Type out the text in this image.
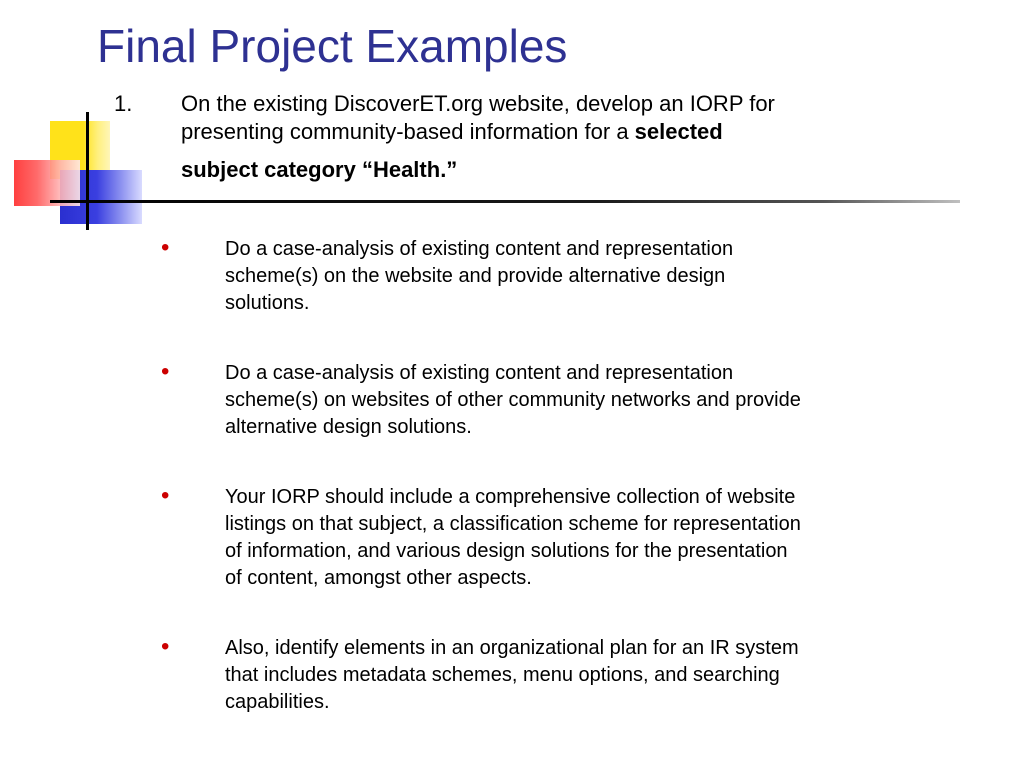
Final Project Examples
1. On the existing DiscoverET.org website, develop an IORP for
presenting community-based information for a selected
subject category “Health.”
•	Do a case-analysis of existing content and representation
scheme(s) on the website and provide alternative design
solutions.
•	Do a case-analysis of existing content and representation
scheme(s) on websites of other community networks and provide
alternative design solutions.
•	Your IORP should include a comprehensive collection of website
listings on that subject, a classification scheme for representation
of information, and various design solutions for the presentation
of content, amongst other aspects.
•	Also, identify elements in an organizational plan for an IR system
that includes metadata schemes, menu options, and searching
capabilities.
